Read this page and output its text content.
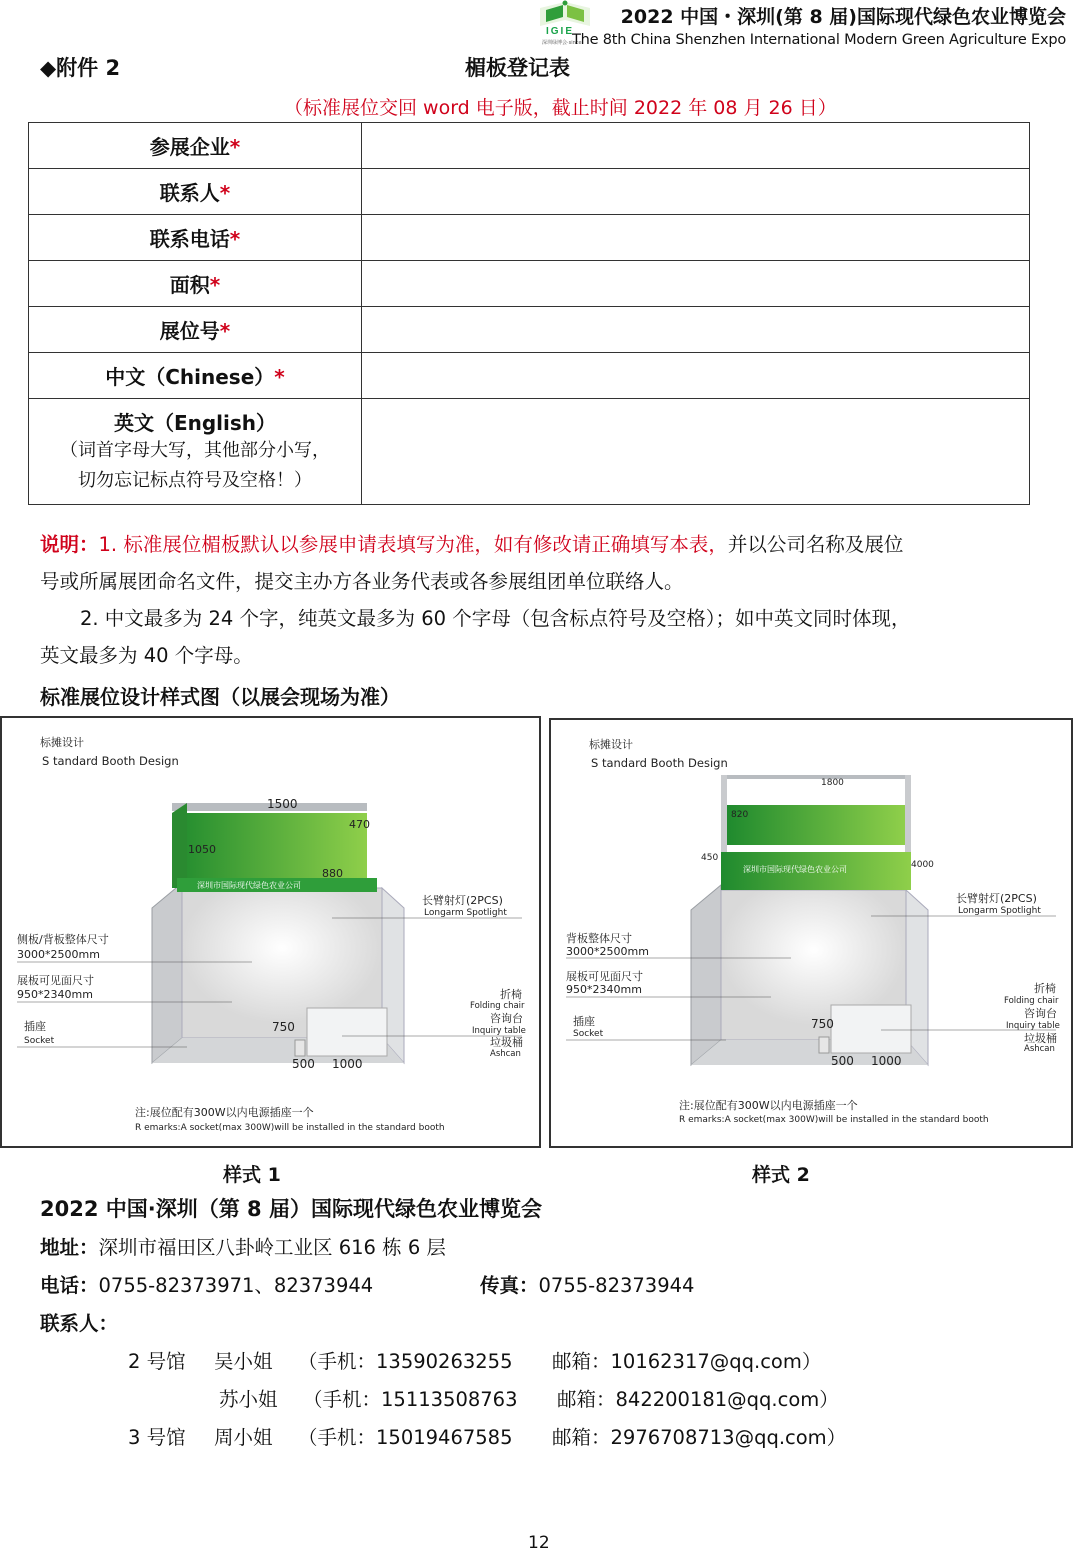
IGIE
深圳绿博会·since
2022 中国・深圳(第 8 届)国际现代绿色农业博览会
The 8th China Shenzhen International Modern Green Agriculture Expo
◆附件 2	楣板登记表
（标准展位交回 word 电子版，截止时间 2022 年 08 月 26 日）
参展企业*	
联系人*	
联系电话*	
面积*	
展位号*	
中文（Chinese）*	

英文（English）
（词首字母大写，其他部分小写，
切勿忘记标点符号及空格！）	

说明：1. 标准展位楣板默认以参展申请表填写为准，如有修改请正确填写本表，并以公司名称及展位
号或所属展团命名文件，提交主办方各业务代表或各参展组团单位联络人。
2. 中文最多为 24 个字，纯英文最多为 60 个字母（包含标点符号及空格）；如中英文同时体现，
英文最多为 40 个字母。
标准展位设计样式图（以展会现场为准）
标摊设计
S tandard Booth Design
深圳市国际现代绿色农业公司
1500
470
1050
880
750
500 1000
侧板/背板整体尺寸
3000*2500mm
展板可见面尺寸
950*2340mm
插座
Socket
长臂射灯(2PCS)
Longarm Spotlight
折椅
Folding chair
咨询台
Inquiry table
垃圾桶
Ashcan
注:展位配有300W以内电源插座一个
R emarks:A socket(max 300W)will be installed in the standard booth
标摊设计
S tandard Booth Design
深圳市国际现代绿色农业公司
1800
820
450
4000
750
500 1000
背板整体尺寸
3000*2500mm
展板可见面尺寸
950*2340mm
插座
Socket
长臂射灯(2PCS)
Longarm Spotlight
折椅
Folding chair
咨询台
Inquiry table
垃圾桶
Ashcan
注:展位配有300W以内电源插座一个
R emarks:A socket(max 300W)will be installed in the standard booth
样式 1	样式 2
2022 中国·深圳（第 8 届）国际现代绿色农业博览会
地址：深圳市福田区八卦岭工业区 616 栋 6 层
电话：0755-82373971、82373944	传真：0755-82373944
联系人：
2 号馆 吴小姐 （手机：13590263255 邮箱：10162317@qq.com）
苏小姐 （手机：15113508763 邮箱：842200181@qq.com）
3 号馆 周小姐 （手机：15019467585 邮箱：2976708713@qq.com）
12
